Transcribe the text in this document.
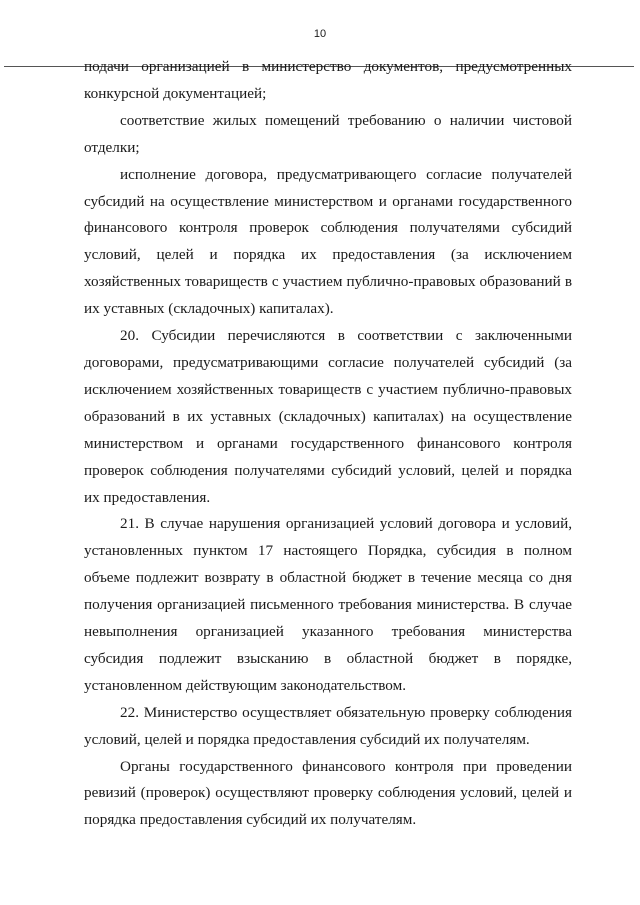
10

подачи организацией в министерство документов, предусмотренных конкурсной документацией;

соответствие жилых помещений требованию о наличии чистовой отделки;

исполнение договора, предусматривающего согласие получателей субсидий на осуществление министерством и органами государственного финансового контроля проверок соблюдения получателями субсидий условий, целей и порядка их предоставления (за исключением хозяйственных товариществ с участием публично-правовых образований в их уставных (складочных) капиталах).

20. Субсидии перечисляются в соответствии с заключенными договорами, предусматривающими согласие получателей субсидий (за исключением хозяйственных товариществ с участием публично-правовых образований в их уставных (складочных) капиталах) на осуществление министерством и органами государственного финансового контроля проверок соблюдения получателями субсидий условий, целей и порядка их предоставления.

21. В случае нарушения организацией условий договора и условий, установленных пунктом 17 настоящего Порядка, субсидия в полном объеме подлежит возврату в областной бюджет в течение месяца со дня получения организацией письменного требования министерства. В случае невыполнения организацией указанного требования министерства субсидия подлежит взысканию в областной бюджет в порядке, установленном действующим законодательством.

22. Министерство осуществляет обязательную проверку соблюдения условий, целей и порядка предоставления субсидий их получателям.

Органы государственного финансового контроля при проведении ревизий (проверок) осуществляют проверку соблюдения условий, целей и порядка предоставления субсидий их получателям.
